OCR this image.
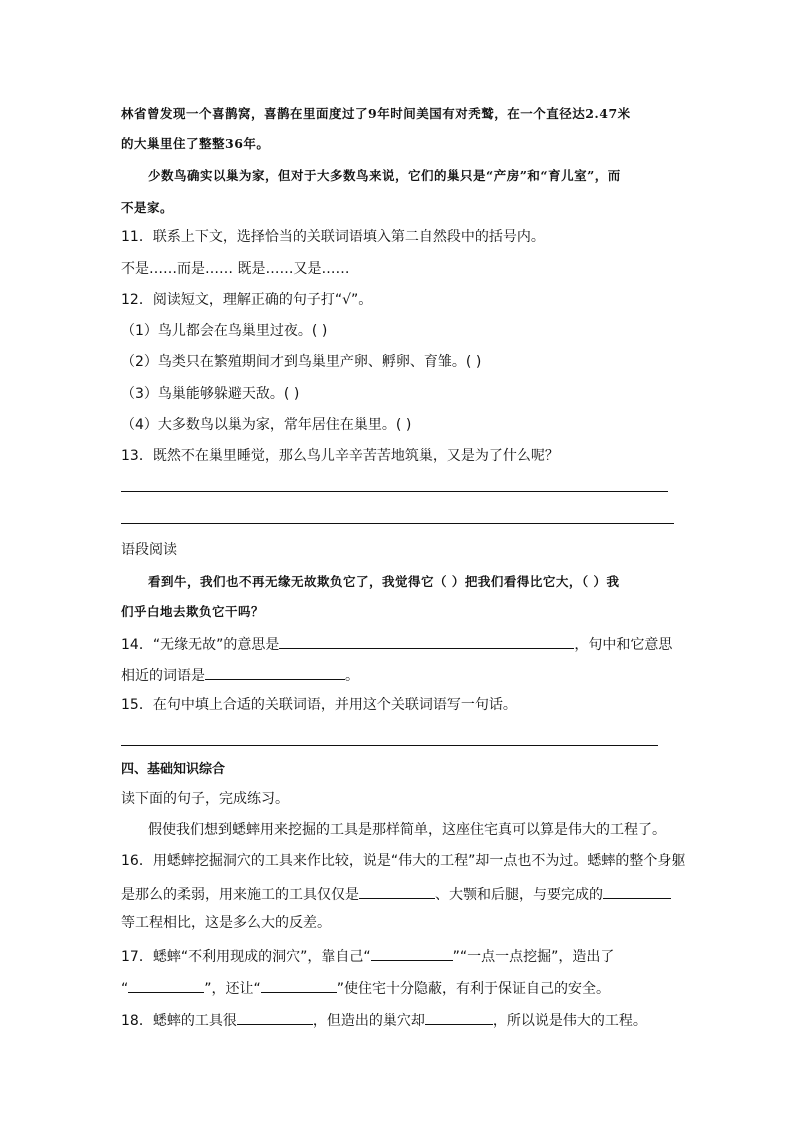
林省曾发现一个喜鹊窝，喜鹊在里面度过了9年时间美国有对秃鹫，在一个直径达2.47米
的大巢里住了整整36年。
少数鸟确实以巢为家，但对于大多数鸟来说，它们的巢只是“产房”和“育儿室”，而
不是家。
11．联系上下文，选择恰当的关联词语填入第二自然段中的括号内。
不是……而是…… 既是……又是……
12．阅读短文，理解正确的句子打“√”。
（1）鸟儿都会在鸟巢里过夜。( )
（2）鸟类只在繁殖期间才到鸟巢里产卵、孵卵、育雏。( )
（3）鸟巢能够躲避天敌。( )
（4）大多数鸟以巢为家，常年居住在巢里。( )
13．既然不在巢里睡觉，那么鸟儿辛辛苦苦地筑巢，又是为了什么呢？
语段阅读
看到牛，我们也不再无缘无故欺负它了，我觉得它（ ）把我们看得比它大，（ ）我
们乎白地去欺负它干吗？
14．“无缘无故”的意思是	，句中和它意思
相近的词语是	。
15．在句中填上合适的关联词语，并用这个关联词语写一句话。
四、基础知识综合
读下面的句子，完成练习。
假使我们想到蟋蟀用来挖掘的工具是那样简单，这座住宅真可以算是伟大的工程了。
16．用蟋蟀挖掘洞穴的工具来作比较，说是“伟大的工程”却一点也不为过。蟋蟀的整个身躯
是那么的柔弱，用来施工的工具仅仅是	、大颚和后腿，与要完成的
等工程相比，这是多么大的反差。
17．蟋蟀“不利用现成的洞穴”，靠自己“	”“一点一点挖掘”，造出了
“	”，还让“	”使住宅十分隐蔽，有利于保证自己的安全。
18．蟋蟀的工具很	，但造出的巢穴却	，所以说是伟大的工程。
